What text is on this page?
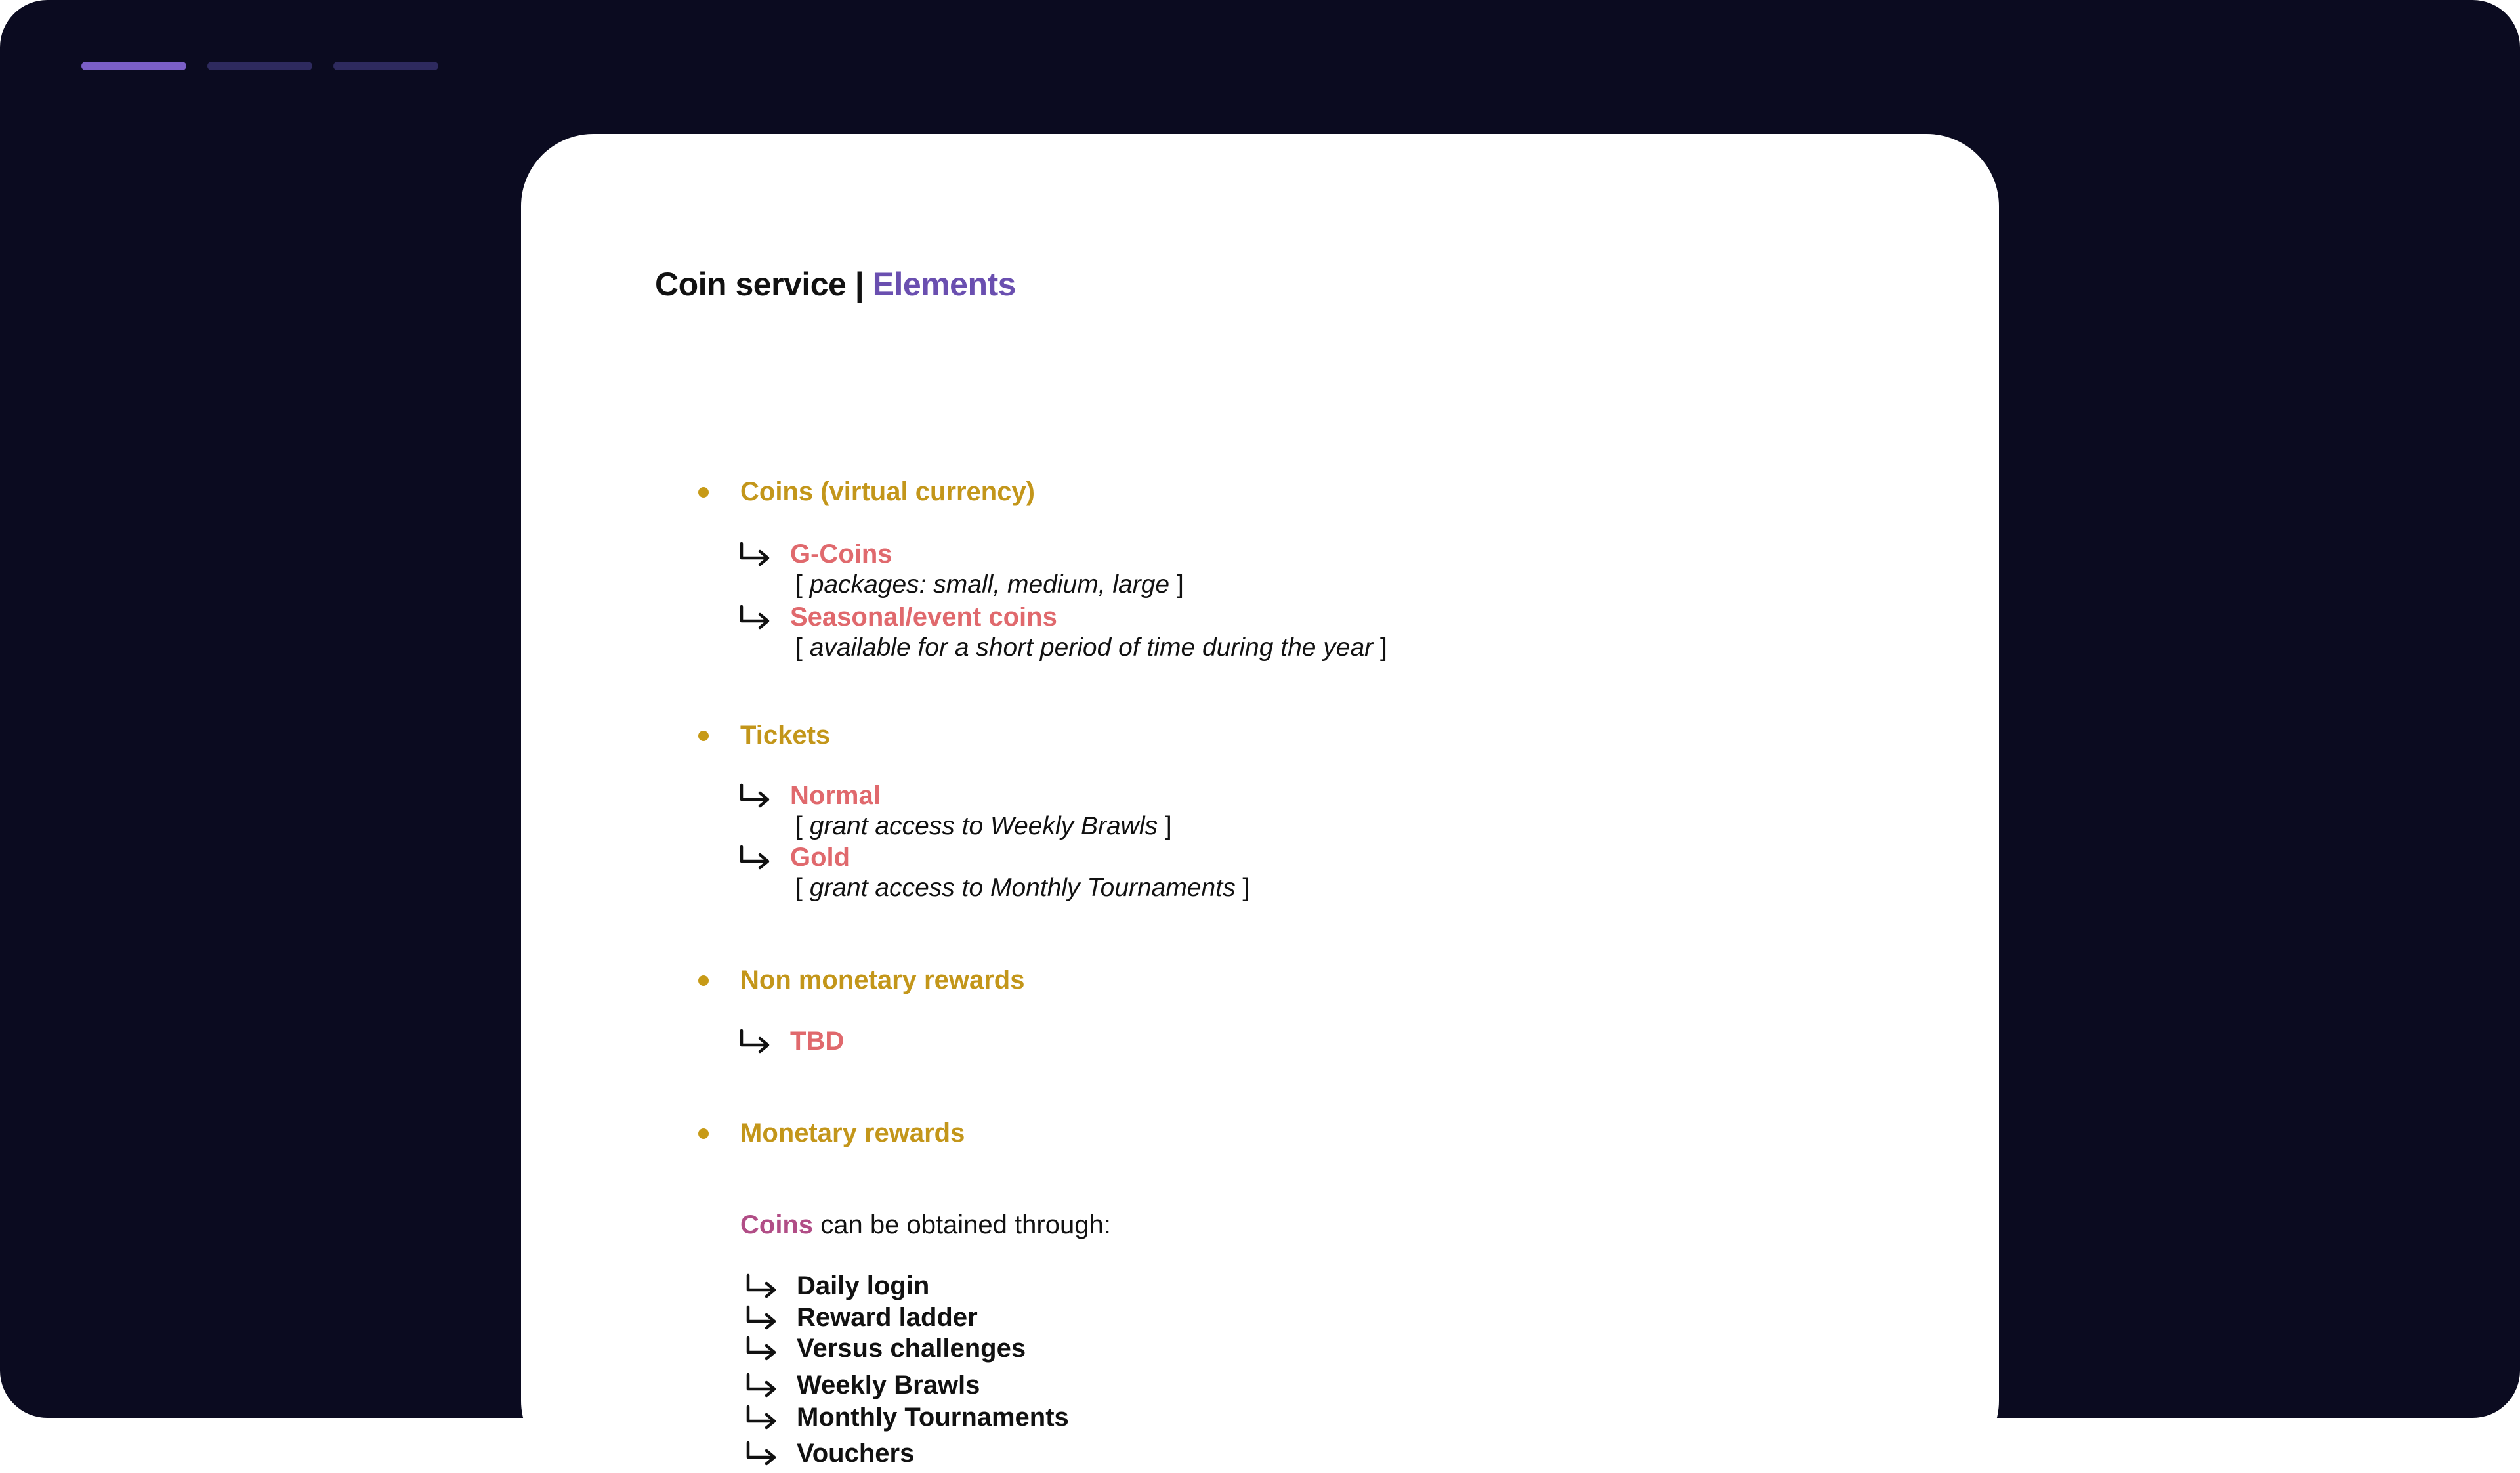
Coin service | Elements
Coins (virtual currency)
G-Coins
[ packages: small, medium, large ]
Seasonal/event coins
[ available for a short period of time during the year ]
Tickets
Normal
[ grant access to Weekly Brawls ]
Gold
[ grant access to Monthly Tournaments ]
Non monetary rewards
TBD
Monetary rewards
Coins can be obtained through:
Daily login
Reward ladder
Versus challenges
Weekly Brawls
Monthly Tournaments
Vouchers
